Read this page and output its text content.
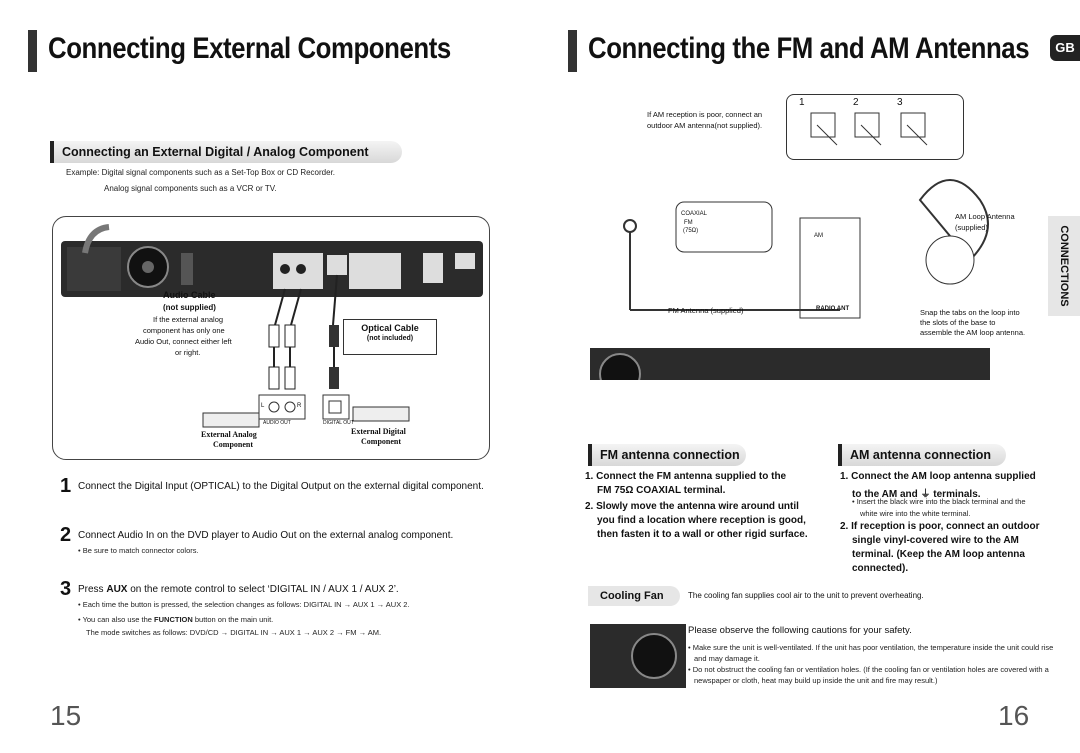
Connecting External Components
Connecting an External Digital / Analog Component
Example: Digital signal components such as a Set-Top Box or CD Recorder.
Analog signal components such as a VCR or TV.
Audio Cable
(not supplied)
If the external analog
component has only one
Audio Out, connect either left
or right.
Optical Cable
(not included)
L	R
AUDIO OUT	DIGITAL OUT
External Analog
Component
External Digital
Component
1 Connect the Digital Input (OPTICAL) to the Digital Output on the external digital component.
2 Connect Audio In on the DVD player to Audio Out on the external analog component.
• Be sure to match connector colors.
3 Press AUX on the remote control to select ‘DIGITAL IN / AUX 1 / AUX 2’.
• Each time the button is pressed, the selection changes as follows: DIGITAL IN → AUX 1 → AUX 2.
• You can also use the FUNCTION button on the main unit.
The mode switches as follows: DVD/CD → DIGITAL IN → AUX 1 → AUX 2 → FM → AM.
15
Connecting the FM and AM Antennas	GB
CONNECTIONS
If AM reception is poor, connect an
outdoor AM antenna(not supplied).
1	2	3
COAXIAL
FM
(75Ω)
AM
RADIO ANT
AM Loop Antenna
(supplied)
FM Antenna (supplied)	Snap the tabs on the loop into
the slots of the base to
assemble the AM loop antenna.
FM antenna connection	AM antenna connection
1. Connect the FM antenna supplied to the
FM 75Ω COAXIAL terminal.
2. Slowly move the antenna wire around until
you find a location where reception is good,
then fasten it to a wall or other rigid surface.
1. Connect the AM loop antenna supplied
to the AM and ⏚ terminals.
• Insert the black wire into the black terminal and the
white wire into the white terminal.
2. If reception is poor, connect an outdoor
single vinyl-covered wire to the AM
terminal. (Keep the AM loop antenna
connected).
Cooling Fan	The cooling fan supplies cool air to the unit to prevent overheating.
Please observe the following cautions for your safety.
• Make sure the unit is well-ventilated. If the unit has poor ventilation, the temperature inside the unit could rise
and may damage it.
• Do not obstruct the cooling fan or ventilation holes. (If the cooling fan or ventilation holes are covered with a
newspaper or cloth, heat may build up inside the unit and fire may result.)
16
